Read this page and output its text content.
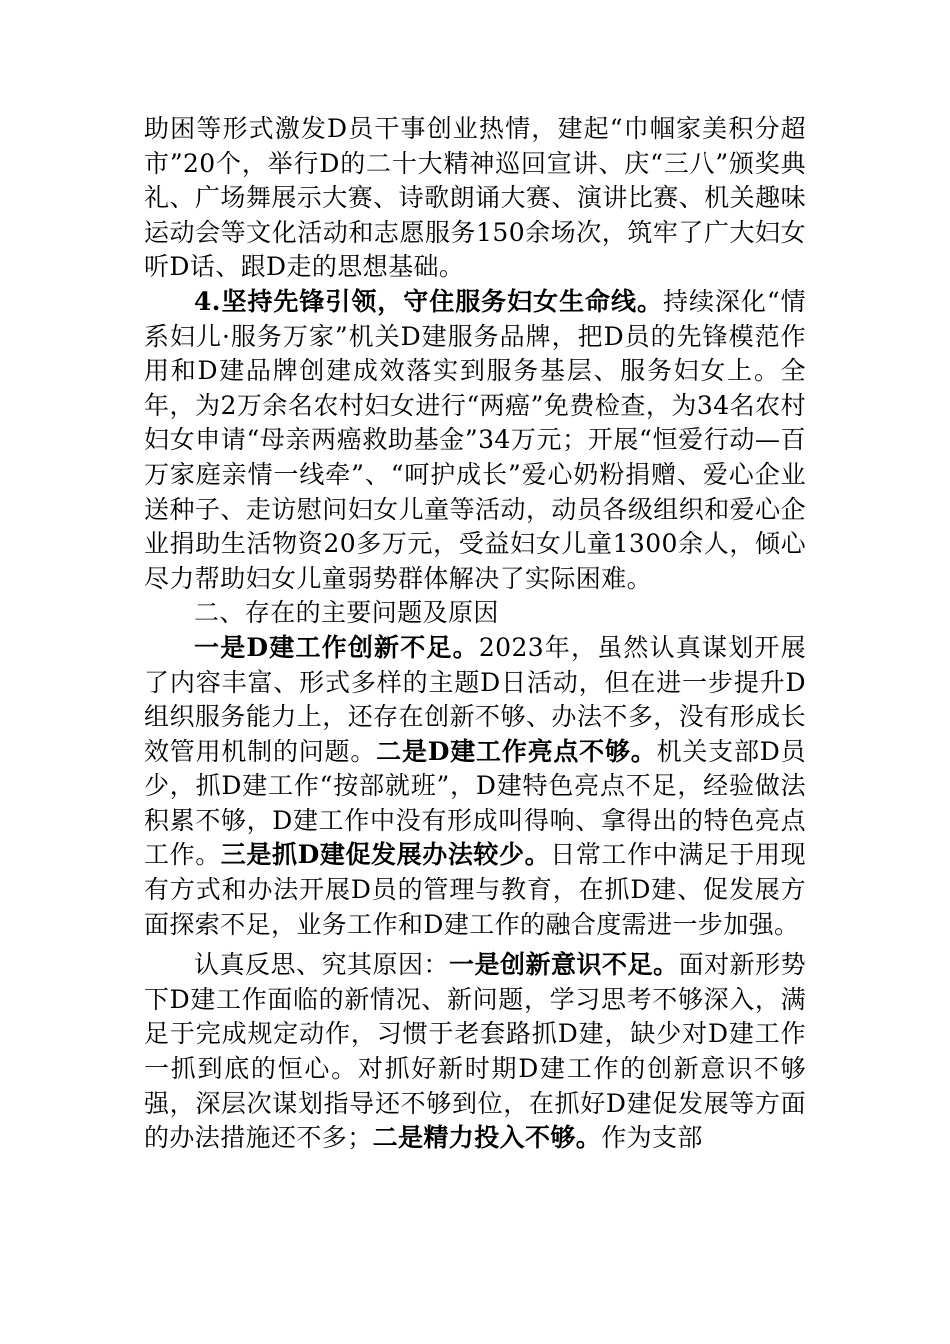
助困等形式激发D员干事创业热情，建起“巾帼家美积分超市”20个，举行D的二十大精神巡回宣讲、庆“三八”颁奖典礼、广场舞展示大赛、诗歌朗诵大赛、演讲比赛、机关趣味运动会等文化活动和志愿服务150余场次，筑牢了广大妇女听D话、跟D走的思想基础。

4.坚持先锋引领，守住服务妇女生命线。持续深化“情系妇儿·服务万家”机关D建服务品牌，把D员的先锋模范作用和D建品牌创建成效落实到服务基层、服务妇女上。全年，为2万余名农村妇女进行“两癌”免费检查，为34名农村妇女申请“母亲两癌救助基金”34万元；开展“恒爱行动—百万家庭亲情一线牵”、“呵护成长”爱心奶粉捐赠、爱心企业送种子、走访慰问妇女儿童等活动，动员各级组织和爱心企业捐助生活物资20多万元，受益妇女儿童1300余人，倾心尽力帮助妇女儿童弱势群体解决了实际困难。

二、存在的主要问题及原因

一是D建工作创新不足。2023年，虽然认真谋划开展了内容丰富、形式多样的主题D日活动，但在进一步提升D组织服务能力上，还存在创新不够、办法不多，没有形成长效管用机制的问题。二是D建工作亮点不够。机关支部D员少，抓D建工作“按部就班”，D建特色亮点不足，经验做法积累不够，D建工作中没有形成叫得响、拿得出的特色亮点工作。三是抓D建促发展办法较少。日常工作中满足于用现有方式和办法开展D员的管理与教育，在抓D建、促发展方面探索不足，业务工作和D建工作的融合度需进一步加强。

认真反思、究其原因：一是创新意识不足。面对新形势下D建工作面临的新情况、新问题，学习思考不够深入，满足于完成规定动作，习惯于老套路抓D建，缺少对D建工作一抓到底的恒心。对抓好新时期D建工作的创新意识不够强，深层次谋划指导还不够到位，在抓好D建促发展等方面的办法措施还不多；二是精力投入不够。作为支部
